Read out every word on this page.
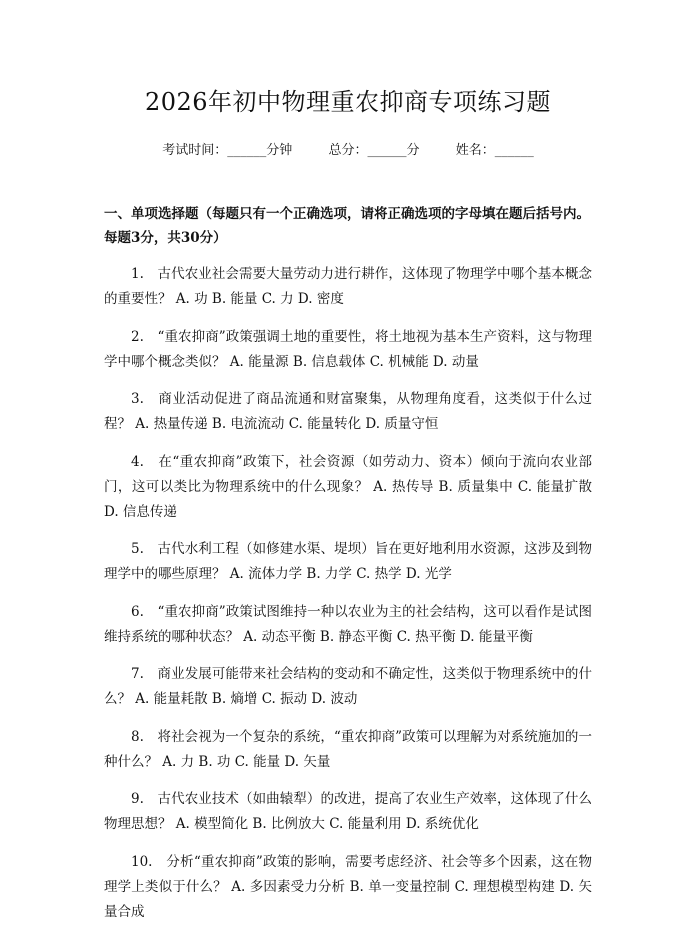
2026年初中物理重农抑商专项练习题
考试时间：______分钟	总分：______分	姓名：______
一、单项选择题（每题只有一个正确选项，请将正确选项的字母填在题后括号内。每题3分，共30分）

1.　古代农业社会需要大量劳动力进行耕作，这体现了物理学中哪个基本概念的重要性？ A. 功 B. 能量 C. 力 D. 密度

2.　“重农抑商”政策强调土地的重要性，将土地视为基本生产资料，这与物理学中哪个概念类似？ A. 能量源 B. 信息载体 C. 机械能 D. 动量

3.　商业活动促进了商品流通和财富聚集，从物理角度看，这类似于什么过程？ A. 热量传递 B. 电流流动 C. 能量转化 D. 质量守恒

4.　在“重农抑商”政策下，社会资源（如劳动力、资本）倾向于流向农业部门，这可以类比为物理系统中的什么现象？ A. 热传导 B. 质量集中 C. 能量扩散 D. 信息传递

5.　古代水利工程（如修建水渠、堤坝）旨在更好地利用水资源，这涉及到物理学中的哪些原理？ A. 流体力学 B. 力学 C. 热学 D. 光学

6.　“重农抑商”政策试图维持一种以农业为主的社会结构，这可以看作是试图维持系统的哪种状态？ A. 动态平衡 B. 静态平衡 C. 热平衡 D. 能量平衡

7.　商业发展可能带来社会结构的变动和不确定性，这类似于物理系统中的什么？ A. 能量耗散 B. 熵增 C. 振动 D. 波动

8.　将社会视为一个复杂的系统，“重农抑商”政策可以理解为对系统施加的一种什么？ A. 力 B. 功 C. 能量 D. 矢量

9.　古代农业技术（如曲辕犁）的改进，提高了农业生产效率，这体现了什么物理思想？ A. 模型简化 B. 比例放大 C. 能量利用 D. 系统优化

10.　分析“重农抑商”政策的影响，需要考虑经济、社会等多个因素，这在物理学上类似于什么？ A. 多因素受力分析 B. 单一变量控制 C. 理想模型构建 D. 矢量合成
